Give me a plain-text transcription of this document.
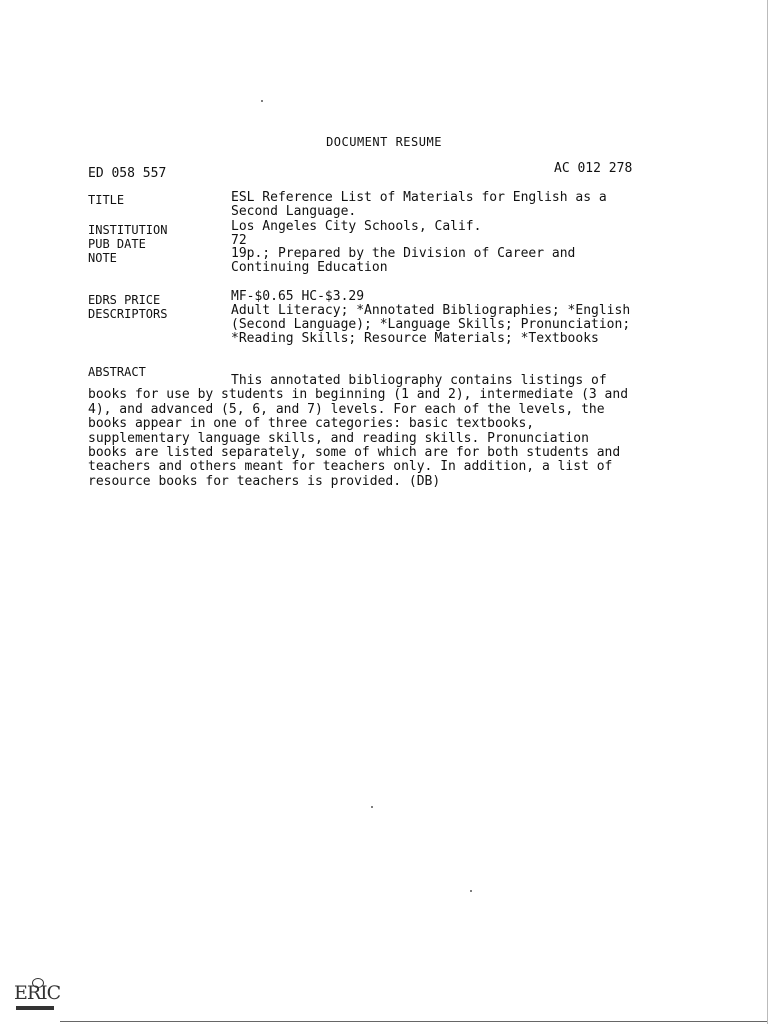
DOCUMENT RESUME
ED 058 557	AC 012 278
TITLE	ESL Reference List of Materials for English as a
Second Language.
INSTITUTION	Los Angeles City Schools, Calif.
PUB DATE	72
NOTE	19p.; Prepared by the Division of Career and
Continuing Education
EDRS PRICE	MF-$0.65 HC-$3.29
DESCRIPTORS	Adult Literacy; *Annotated Bibliographies; *English
(Second Language); *Language Skills; Pronunciation;
*Reading Skills; Resource Materials; *Textbooks
ABSTRACT
This annotated bibliography contains listings of
books for use by students in beginning (1 and 2), intermediate (3 and
4), and advanced (5, 6, and 7) levels. For each of the levels, the
books appear in one of three categories: basic textbooks,
supplementary language skills, and reading skills. Pronunciation
books are listed separately, some of which are for both students and
teachers and others meant for teachers only. In addition, a list of
resource books for teachers is provided. (DB)
ERIC
